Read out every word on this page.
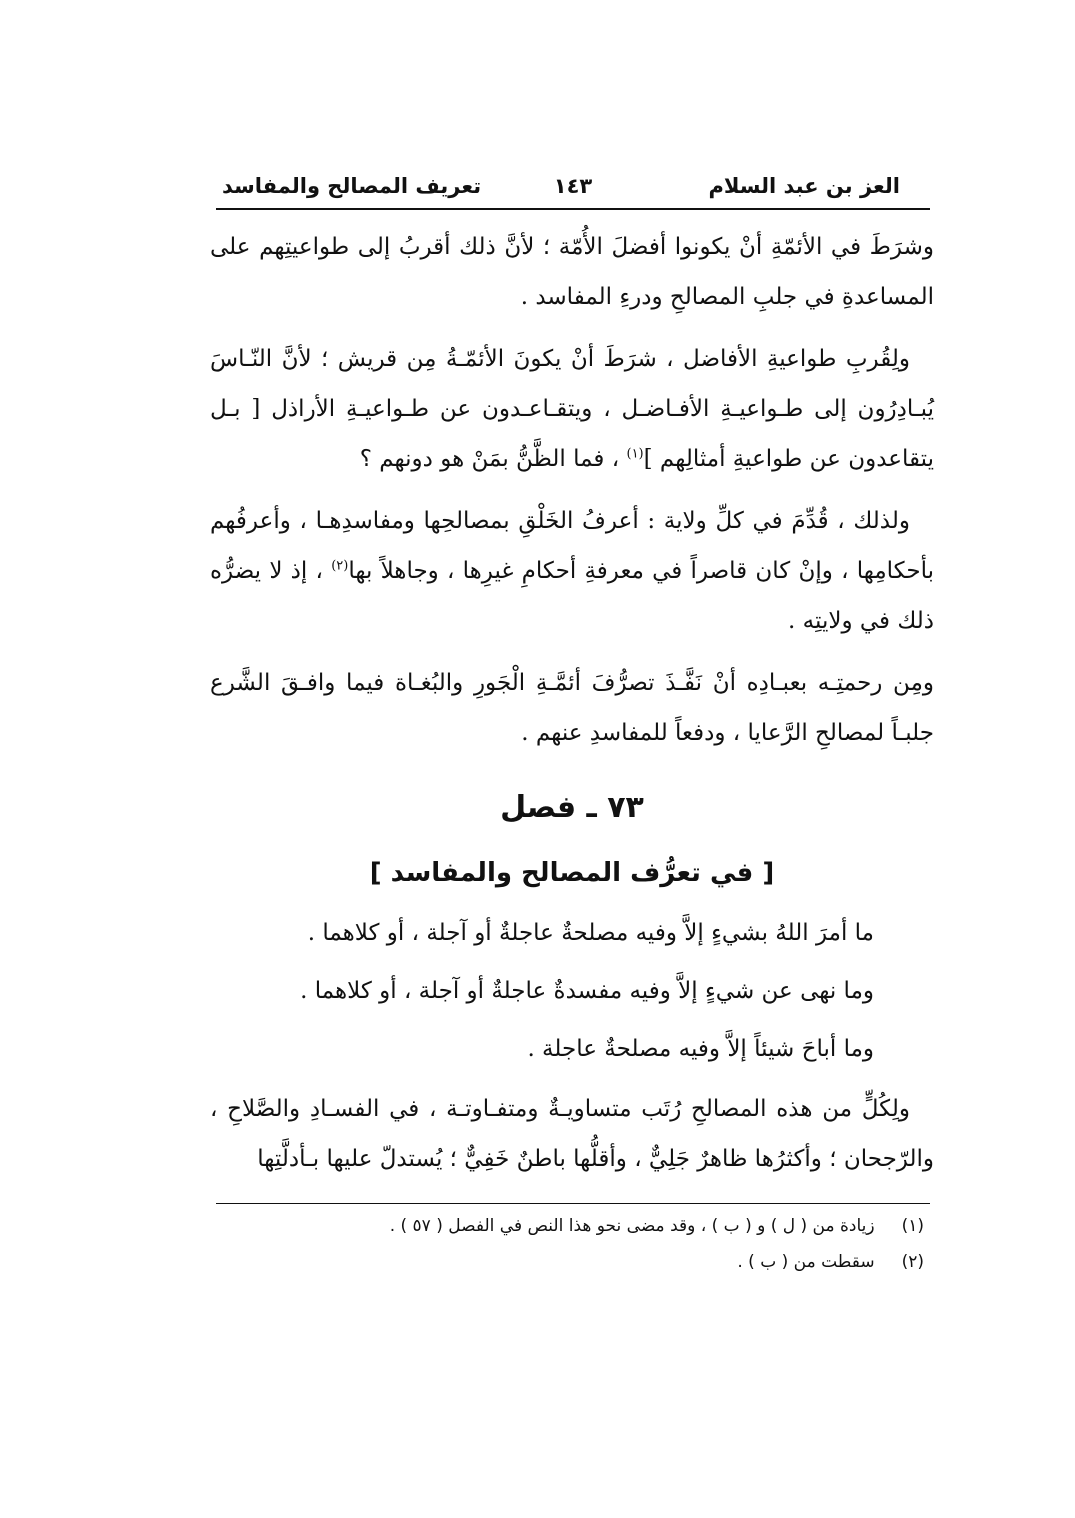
العز بن عبد السلام
١٤٣
تعريف المصالح والمفاسد

وشرَطَ في الأئمّةِ أنْ يكونوا أفضلَ الأُمّة ؛ لأنَّ ذلك أقربُ إلى طواعيتِهم على المساعدةِ في جلبِ المصالحِ ودرءِ المفاسد .

ولِقُربِ طواعيةِ الأفاضل ، شرَطَ أنْ يكونَ الأئمّـةُ مِن قريش ؛ لأنَّ النّـاسَ يُبـادِرُون إلى طـواعيـةِ الأفـاضـل ، ويتقـاعـدون عن طـواعيـةِ الأراذل [ بـل يتقاعدون عن طواعيةِ أمثالِهم ]$^{(١)}$ ، فما الظَّنُّ بمَنْ هو دونهم ؟

ولذلك ، قُدِّمَ في كلِّ ولاية : أعرفُ الخَلْقِ بمصالحِها ومفاسدِهـا ، وأعرفُهم بأحكامِها ، وإنْ كان قاصراً في معرفةِ أحكامِ غيرِها ، وجاهلاً بها$^{(٢)}$ ، إذ لا يضرُّه ذلك في ولايتِه .

ومِن رحمتِـه بعبـادِه أنْ نَفَّـذَ تصرُّفَ أئمَّـةِ الْجَورِ والبُغـاة فيما وافـقَ الشَّرع جلبـاً لمصالحِ الرَّعايا ، ودفعاً للمفاسدِ عنهم .

٧٣ ـ فصل
[ في تعرُّف المصالح والمفاسد ]

ما أمرَ اللهُ بشيءٍ إلاَّ وفيه مصلحةٌ عاجلةٌ أو آجلة ، أو كلاهما .

وما نهى عن شيءٍ إلاَّ وفيه مفسدةٌ عاجلةٌ أو آجلة ، أو كلاهما .

وما أباحَ شيئاً إلاَّ وفيه مصلحةٌ عاجلة .

ولِكُلٍّ من هذه المصالحِ رُتَب متساويـةٌ ومتفـاوتـة ، في الفسـادِ والصَّلاحِ ، والرّجحان ؛ وأكثرُها ظاهرٌ جَلِيٌّ ، وأقلُّها باطنٌ خَفِيٌّ ؛ يُستدلّ عليها بـأدلَّتِها

(١) زيادة من ( ل ) و ( ب ) ، وقد مضى نحو هذا النص في الفصل ( ٥٧ ) .
(٢) سقطت من ( ب ) .
